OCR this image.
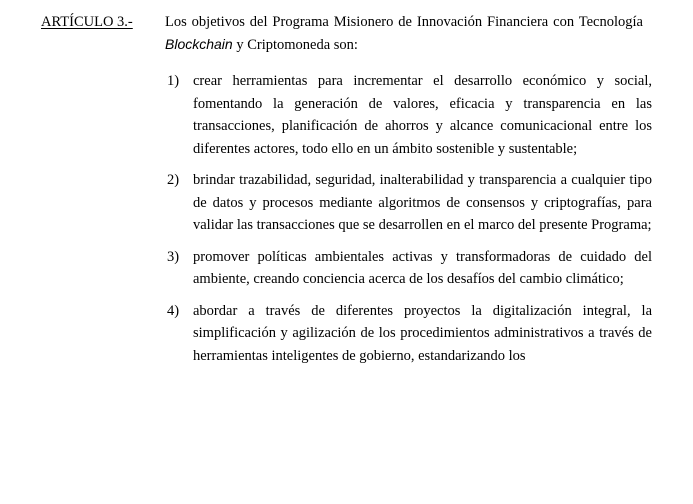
ARTÍCULO 3.- Los objetivos del Programa Misionero de Innovación Financiera con Tecnología Blockchain y Criptomoneda son:
1) crear herramientas para incrementar el desarrollo económico y social, fomentando la generación de valores, eficacia y transparencia en las transacciones, planificación de ahorros y alcance comunicacional entre los diferentes actores, todo ello en un ámbito sostenible y sustentable;
2) brindar trazabilidad, seguridad, inalterabilidad y transparencia a cualquier tipo de datos y procesos mediante algoritmos de consensos y criptografías, para validar las transacciones que se desarrollen en el marco del presente Programa;
3) promover políticas ambientales activas y transformadoras de cuidado del ambiente, creando conciencia acerca de los desafíos del cambio climático;
4) abordar a través de diferentes proyectos la digitalización integral, la simplificación y agilización de los procedimientos administrativos a través de herramientas inteligentes de gobierno, estandarizando los
